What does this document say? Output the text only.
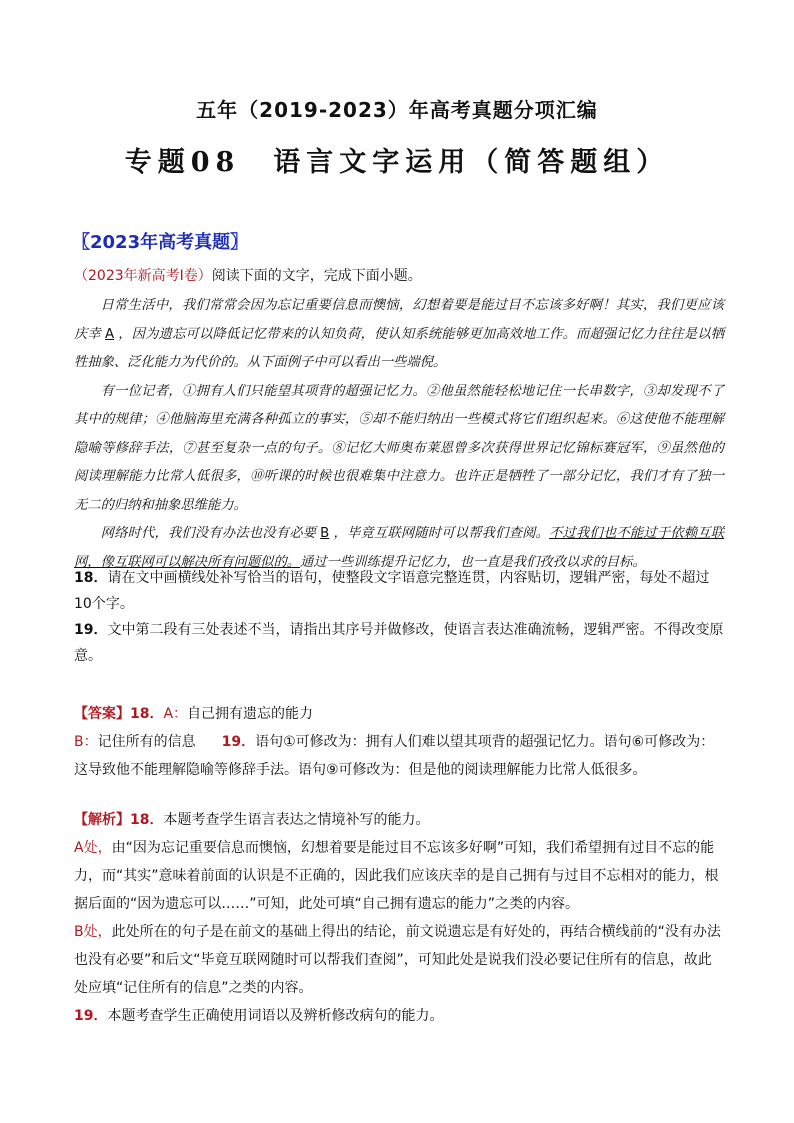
五年（2019-2023）年高考真题分项汇编
专题08　语言文字运用（简答题组）
〖2023年高考真题〗
（2023年新高考Ⅰ卷）阅读下面的文字，完成下面小题。

日常生活中，我们常常会因为忘记重要信息而懊恼，幻想着要是能过目不忘该多好啊！其实，我们更应该庆幸 A ，因为遗忘可以降低记忆带来的认知负荷，使认知系统能够更加高效地工作。而超强记忆力往往是以牺牲抽象、泛化能力为代价的。从下面例子中可以看出一些端倪。

有一位记者，①拥有人们只能望其项背的超强记忆力。②他虽然能轻松地记住一长串数字，③却发现不了其中的规律；④他脑海里充满各种孤立的事实，⑤却不能归纳出一些模式将它们组织起来。⑥这使他不能理解隐喻等修辞手法，⑦甚至复杂一点的句子。⑧记忆大师奥布莱恩曾多次获得世界记忆锦标赛冠军，⑨虽然他的阅读理解能力比常人低很多，⑩听课的时候也很难集中注意力。也许正是牺牲了一部分记忆，我们才有了独一无二的归纳和抽象思维能力。

网络时代，我们没有办法也没有必要 B ，毕竟互联网随时可以帮我们查阅。不过我们也不能过于依赖互联网，像互联网可以解决所有问题似的。通过一些训练提升记忆力，也一直是我们孜孜以求的目标。

18．请在文中画横线处补写恰当的语句，使整段文字语意完整连贯，内容贴切，逻辑严密，每处不超过10个字。

19．文中第二段有三处表述不当，请指出其序号并做修改，使语言表达准确流畅，逻辑严密。不得改变原意。

【答案】18．A：自己拥有遗忘的能力

B：记住所有的信息 19．语句①可修改为：拥有人们难以望其项背的超强记忆力。语句⑥可修改为：这导致他不能理解隐喻等修辞手法。语句⑨可修改为：但是他的阅读理解能力比常人低很多。

【解析】18．本题考查学生语言表达之情境补写的能力。

A处，由“因为忘记重要信息而懊恼，幻想着要是能过目不忘该多好啊”可知，我们希望拥有过目不忘的能力，而“其实”意味着前面的认识是不正确的，因此我们应该庆幸的是自己拥有与过目不忘相对的能力，根据后面的“因为遗忘可以……”可知，此处可填“自己拥有遗忘的能力”之类的内容。

B处，此处所在的句子是在前文的基础上得出的结论，前文说遗忘是有好处的，再结合横线前的“没有办法也没有必要”和后文“毕竟互联网随时可以帮我们查阅”，可知此处是说我们没必要记住所有的信息，故此处应填“记住所有的信息”之类的内容。

19．本题考查学生正确使用词语以及辨析修改病句的能力。
